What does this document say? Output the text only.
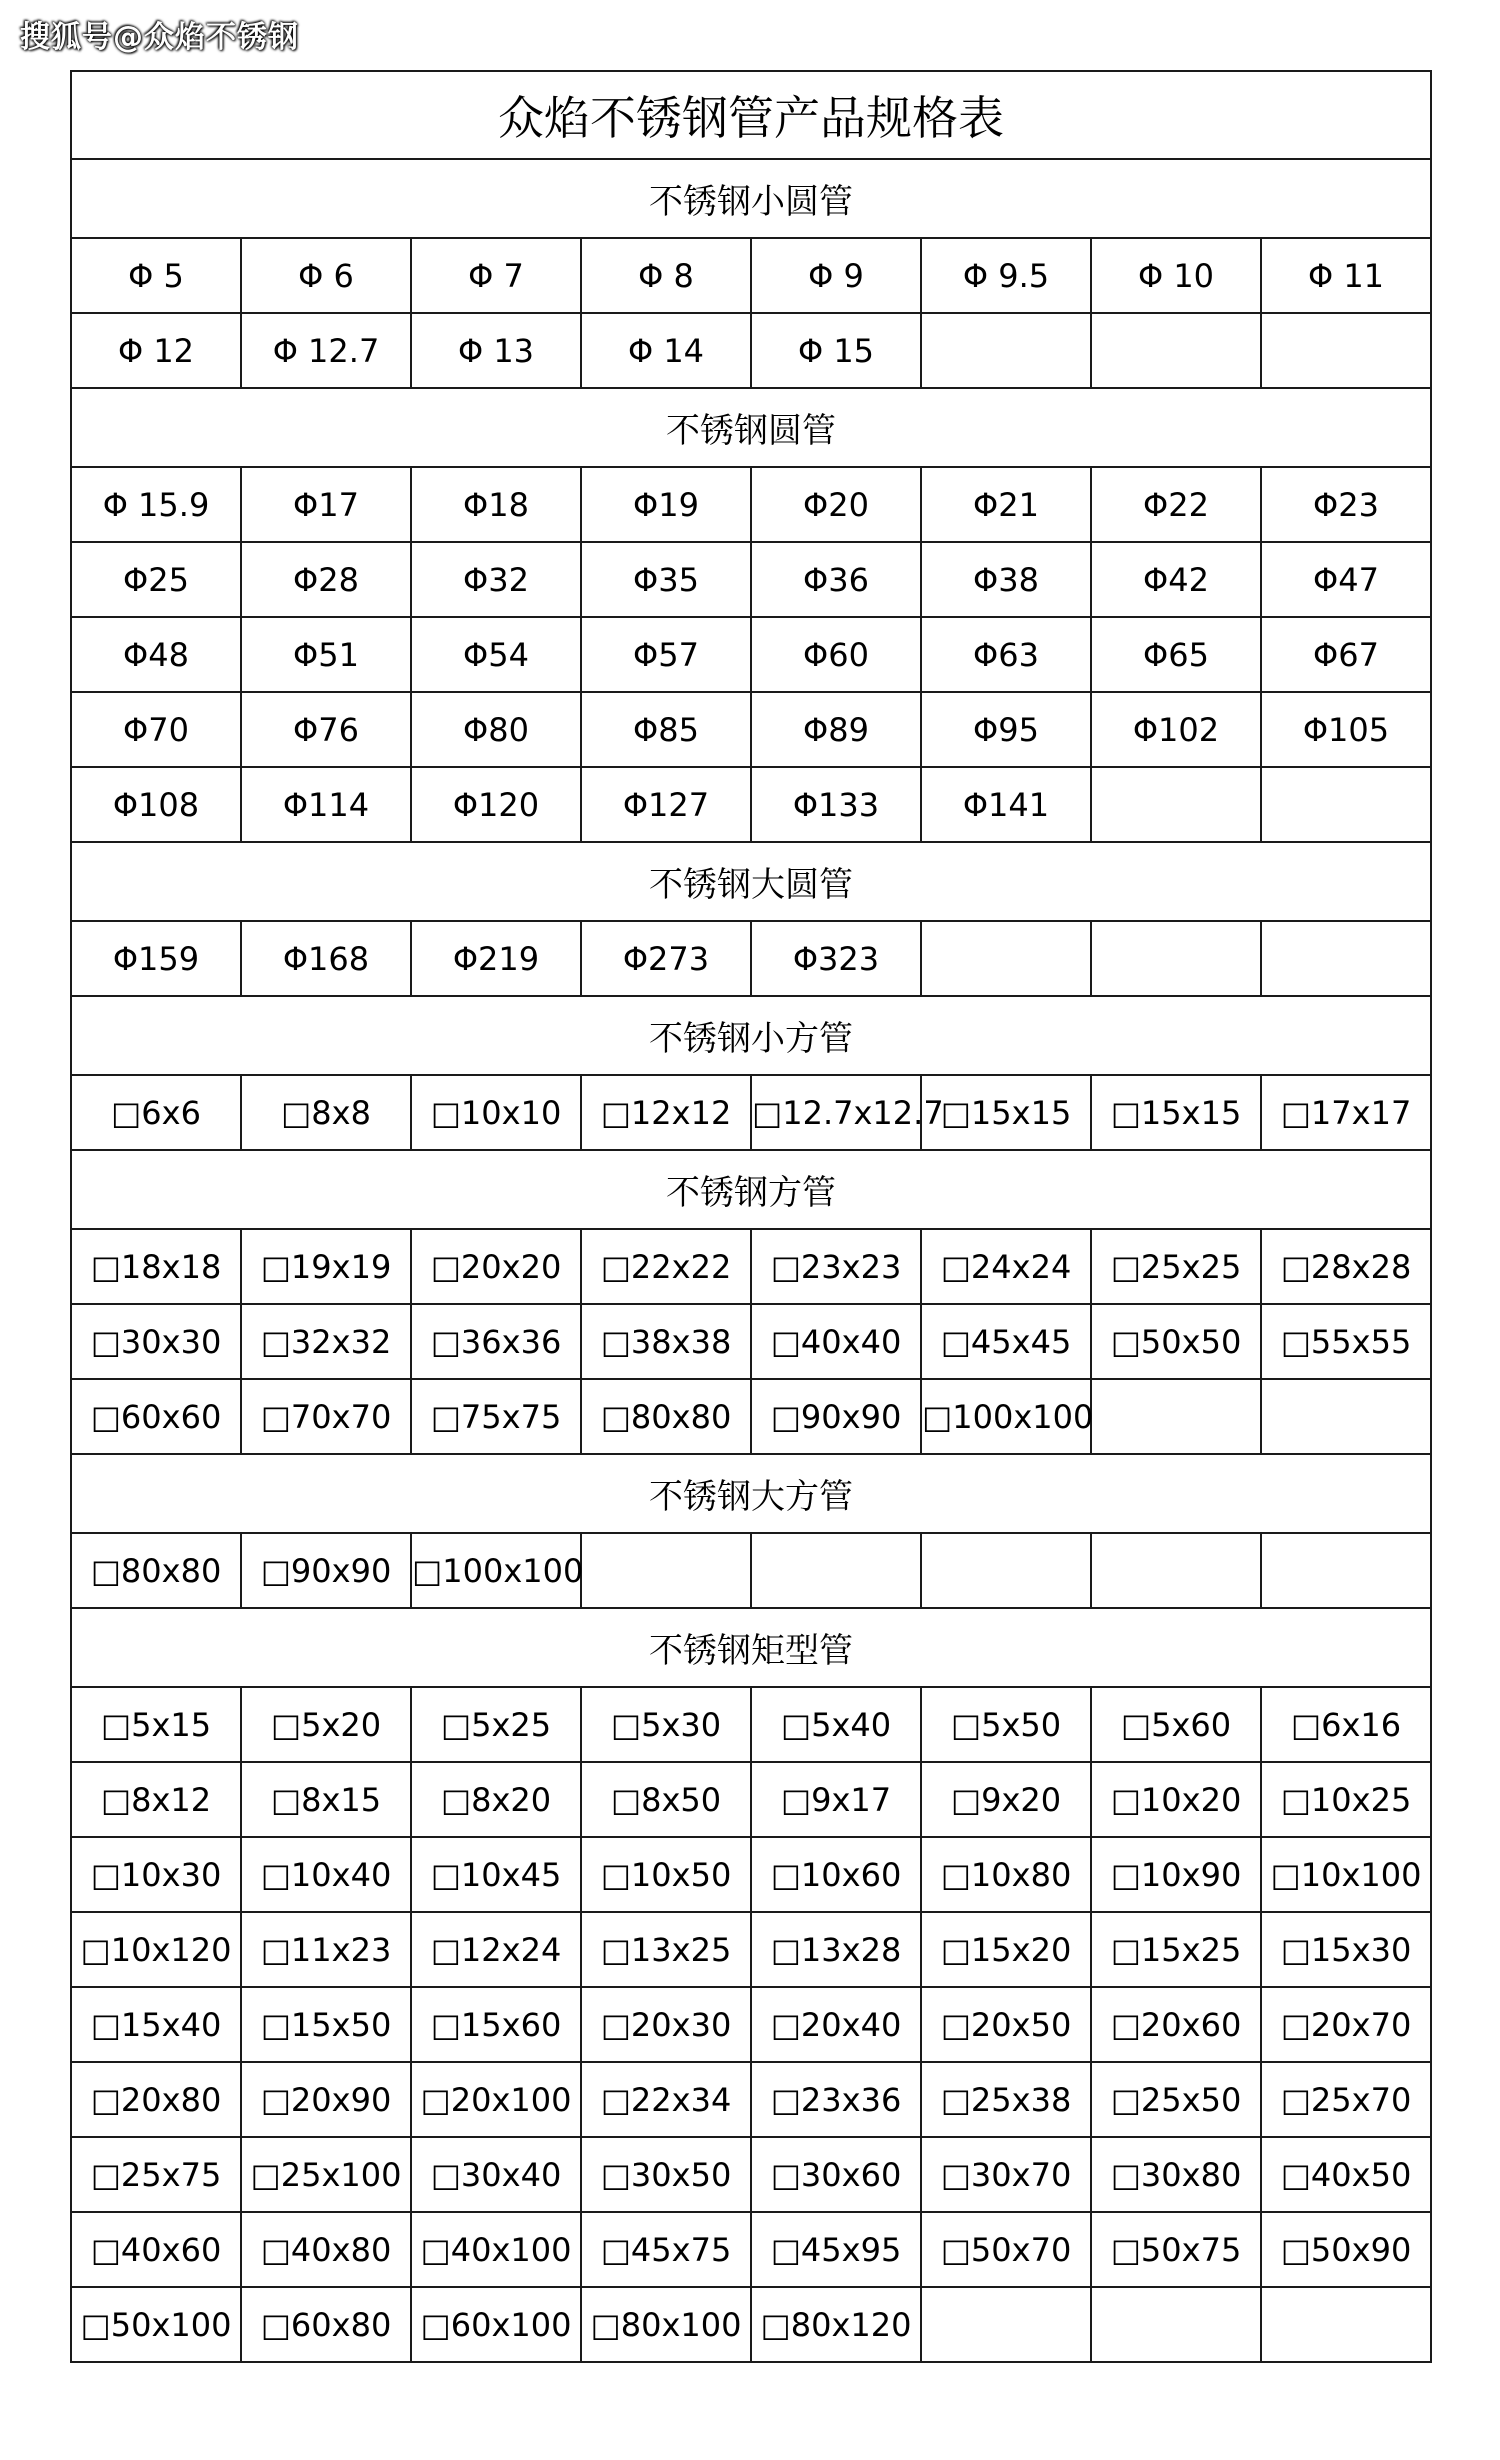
搜狐号@众焰不锈钢
众焰不锈钢管产品规格表							
不锈钢小圆管							
Φ 5	Φ 6	Φ 7	Φ 8	Φ 9	Φ 9.5	Φ 10	Φ 11
Φ 12	Φ 12.7	Φ 13	Φ 14	Φ 15			
不锈钢圆管							
Φ 15.9	Φ17	Φ18	Φ19	Φ20	Φ21	Φ22	Φ23
Φ25	Φ28	Φ32	Φ35	Φ36	Φ38	Φ42	Φ47
Φ48	Φ51	Φ54	Φ57	Φ60	Φ63	Φ65	Φ67
Φ70	Φ76	Φ80	Φ85	Φ89	Φ95	Φ102	Φ105
Φ108	Φ114	Φ120	Φ127	Φ133	Φ141		
不锈钢大圆管							
Φ159	Φ168	Φ219	Φ273	Φ323			
不锈钢小方管							
□6x6	□8x8	□10x10	□12x12	□12.7x12.7	□15x15	□15x15	□17x17
不锈钢方管							
□18x18	□19x19	□20x20	□22x22	□23x23	□24x24	□25x25	□28x28
□30x30	□32x32	□36x36	□38x38	□40x40	□45x45	□50x50	□55x55
□60x60	□70x70	□75x75	□80x80	□90x90	□100x100		
不锈钢大方管							
□80x80	□90x90	□100x100					
不锈钢矩型管							
□5x15	□5x20	□5x25	□5x30	□5x40	□5x50	□5x60	□6x16
□8x12	□8x15	□8x20	□8x50	□9x17	□9x20	□10x20	□10x25
□10x30	□10x40	□10x45	□10x50	□10x60	□10x80	□10x90	□10x100
□10x120	□11x23	□12x24	□13x25	□13x28	□15x20	□15x25	□15x30
□15x40	□15x50	□15x60	□20x30	□20x40	□20x50	□20x60	□20x70
□20x80	□20x90	□20x100	□22x34	□23x36	□25x38	□25x50	□25x70
□25x75	□25x100	□30x40	□30x50	□30x60	□30x70	□30x80	□40x50
□40x60	□40x80	□40x100	□45x75	□45x95	□50x70	□50x75	□50x90
□50x100	□60x80	□60x100	□80x100	□80x120			
